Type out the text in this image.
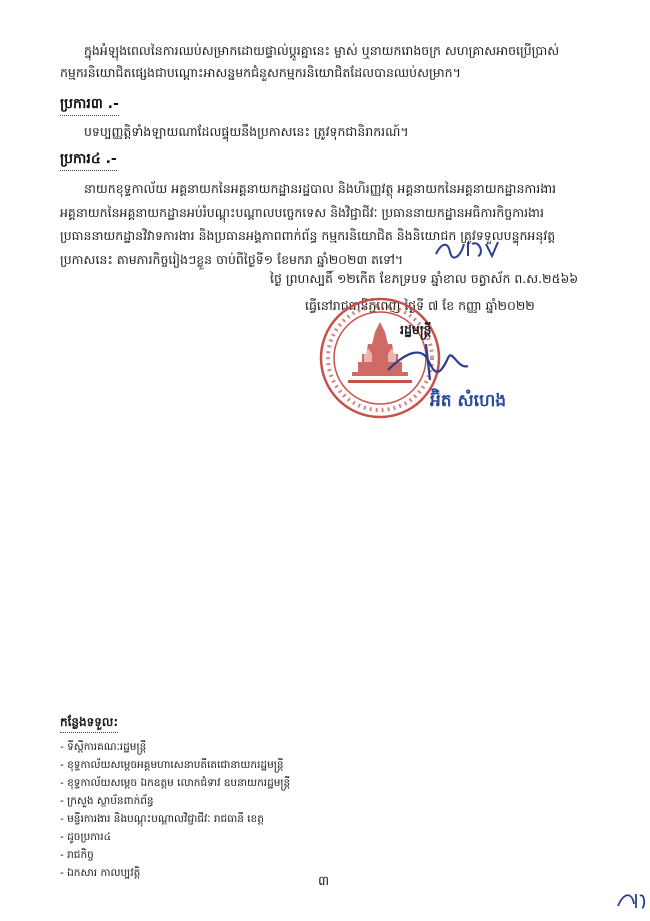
ក្នុងអំឡុងពេលនៃការឈប់សម្រាកដោយផ្ទាល់ប្តូរគ្នានេះ ម្ចាស់ ឬនាយករោងចក្រ សហគ្រាសអាចប្រើប្រាស់
កម្មករនិយោជិតផ្សេងជាបណ្តោះអាសន្នមកជំនួសកម្មករនិយោជិតដែលបានឈប់សម្រាក។
ប្រការ៣ .-
បទប្បញ្ញត្តិទាំងឡាយណាដែលផ្ទុយនឹងប្រកាសនេះ ត្រូវទុកជានិរាករណ៍។
ប្រការ៤ .-
នាយកខុទ្ទកាល័យ អគ្គនាយកនៃអគ្គនាយកដ្ឋានរដ្ឋបាល និងហិរញ្ញវត្ថុ អគ្គនាយកនៃអគ្គនាយកដ្ឋានការងារ
អគ្គនាយកនៃអគ្គនាយកដ្ឋានអប់រំបណ្តុះបណ្តាលបច្ចេកទេស និងវិជ្ជាជីវៈ ប្រធាននាយកដ្ឋានអធិការកិច្ចការងារ
ប្រធាននាយកដ្ឋានវិវាទការងារ និងប្រធានអង្គភាពពាក់ព័ន្ធ កម្មករនិយោជិត និងនិយោជក ត្រូវទទួលបន្ទុកអនុវត្ត
ប្រកាសនេះ តាមភារកិច្ចរៀងៗខ្លួន ចាប់ពីថ្ងៃទី១ ខែមករា ឆ្នាំ២០២៣ តទៅ។
ថ្ងៃ ព្រហស្បតិ៍ ១២កើត ខែភទ្របទ ឆ្នាំខាល ចត្វាស័ក ព.ស.២៥៦៦
ធ្វើនៅរាជធានីភ្នំពេញ ថ្ងៃទី ៧ ខែ កញ្ញា ឆ្នាំ២០២២
រដ្ឋមន្ត្រី
អ៊ិត សំហេង
កន្លែងទទួល:
- ទីស្តីការគណៈរដ្ឋមន្ត្រី
- ខុទ្ទកាល័យសម្តេចអគ្គមហាសេនាបតីតេជោនាយករដ្ឋមន្ត្រី
- ខុទ្ទកាល័យសម្តេច ឯកឧត្តម លោកជំទាវ ឧបនាយករដ្ឋមន្ត្រី
- ក្រសួង ស្ថាប័នពាក់ព័ន្ធ
- មន្ទីរការងារ និងបណ្តុះបណ្តាលវិជ្ជាជីវៈ រាជធានី ខេត្ត
- ដូចប្រការ៤
- រាជកិច្ច
- ឯកសារ កាលប្បវត្តិ
៣
